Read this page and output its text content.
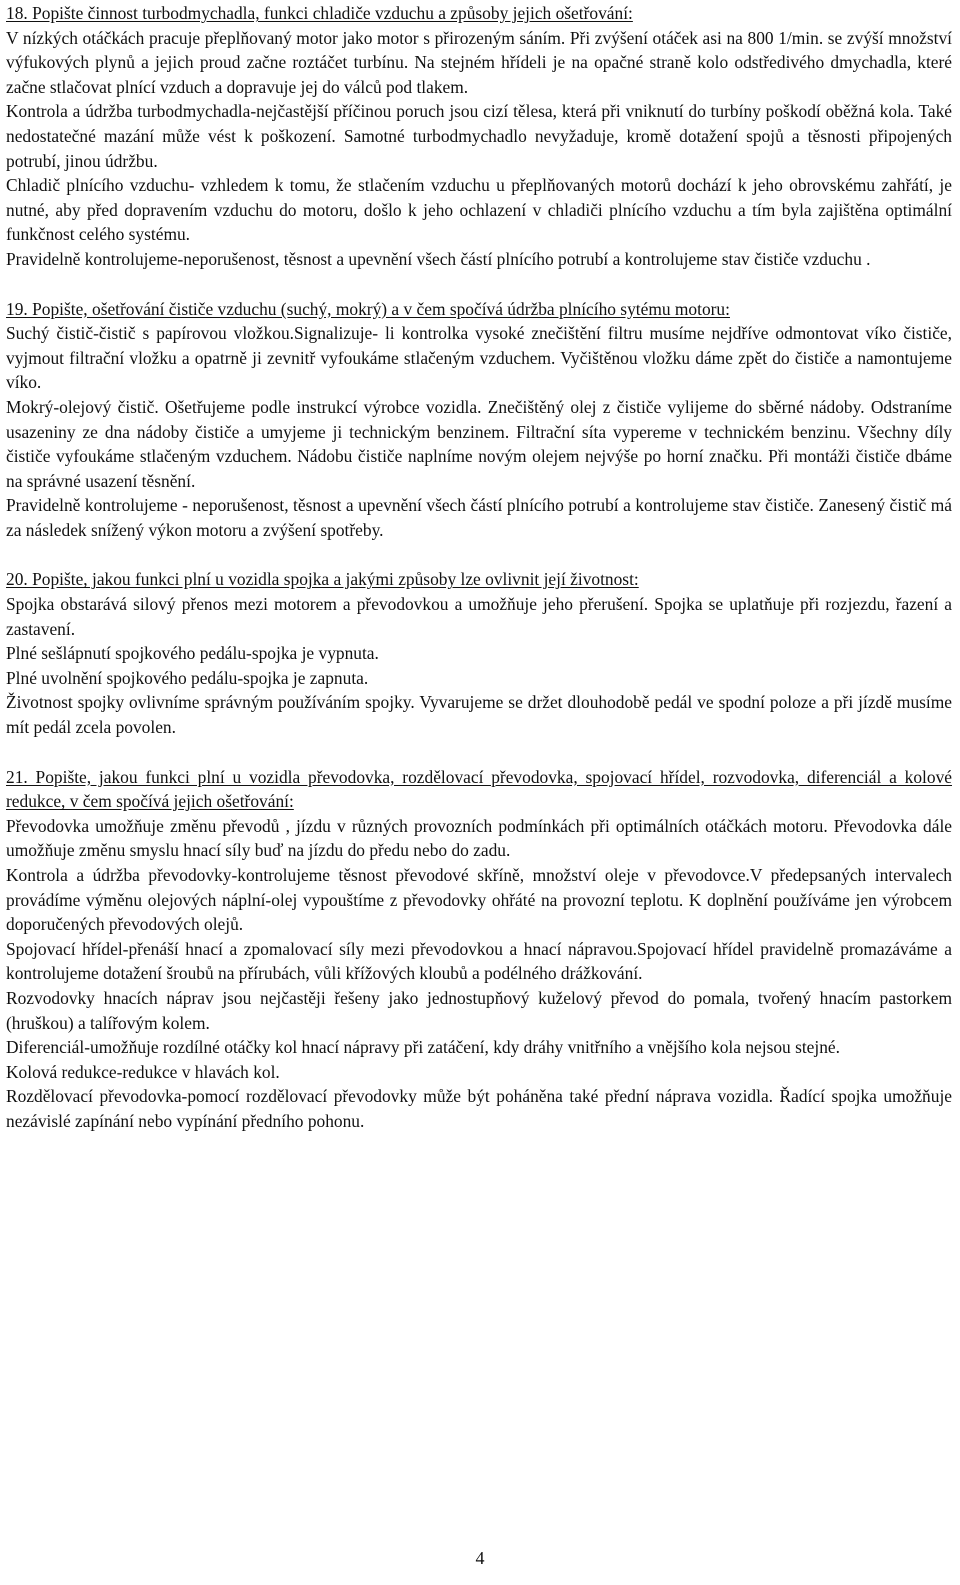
18. Popište činnost turbodmychadla, funkci chladiče vzduchu a způsoby jejich ošetřování:

V nízkých otáčkách pracuje přeplňovaný motor jako motor s přirozeným sáním. Při zvýšení otáček asi na 800 1/min. se zvýší množství výfukových plynů a jejich proud začne roztáčet turbínu. Na stejném hřídeli je na opačné straně kolo odstředivého dmychadla, které začne stlačovat plnící vzduch a dopravuje jej do válců pod tlakem.

Kontrola a údržba turbodmychadla-nejčastější příčinou poruch jsou cizí tělesa, která při vniknutí do turbíny poškodí oběžná kola. Také nedostatečné mazání může vést k poškození. Samotné turbodmychadlo nevyžaduje, kromě dotažení spojů a těsnosti připojených potrubí, jinou údržbu.

Chladič plnícího vzduchu- vzhledem k tomu, že stlačením vzduchu u přeplňovaných motorů dochází k jeho obrovskému zahřátí, je nutné, aby před dopravením vzduchu do motoru, došlo k jeho ochlazení v chladiči plnícího vzduchu a tím byla zajištěna optimální funkčnost celého systému.

Pravidelně kontrolujeme-neporušenost, těsnost a upevnění všech částí plnícího potrubí a kontrolujeme stav čističe vzduchu .

19. Popište, ošetřování čističe vzduchu (suchý, mokrý) a v čem spočívá údržba plnícího sytému motoru:

Suchý čistič-čistič s papírovou vložkou.Signalizuje- li kontrolka vysoké znečištění filtru musíme nejdříve odmontovat víko čističe, vyjmout filtrační vložku a opatrně ji zevnitř vyfoukáme stlačeným vzduchem. Vyčištěnou vložku dáme zpět do čističe a namontujeme víko.

Mokrý-olejový čistič. Ošetřujeme podle instrukcí výrobce vozidla. Znečištěný olej z čističe vylijeme do sběrné nádoby. Odstraníme usazeniny ze dna nádoby čističe a umyjeme ji technickým benzinem. Filtrační síta vypereme v technickém benzinu. Všechny díly čističe vyfoukáme stlačeným vzduchem. Nádobu čističe naplníme novým olejem nejvýše po horní značku. Při montáži čističe dbáme na správné usazení těsnění.

Pravidelně kontrolujeme - neporušenost, těsnost a upevnění všech částí plnícího potrubí a kontrolujeme stav čističe. Zanesený čistič má za následek snížený výkon motoru a zvýšení spotřeby.

20. Popište, jakou funkci plní u vozidla spojka a jakými způsoby lze ovlivnit její životnost:

Spojka obstarává silový přenos mezi motorem a převodovkou a umožňuje jeho přerušení. Spojka se uplatňuje při rozjezdu, řazení a zastavení.

Plné sešlápnutí spojkového pedálu-spojka je vypnuta.

Plné uvolnění spojkového pedálu-spojka je zapnuta.

Životnost spojky ovlivníme správným používáním spojky. Vyvarujeme se držet dlouhodobě pedál ve spodní poloze a při jízdě musíme mít pedál zcela povolen.

21. Popište, jakou funkci plní u vozidla převodovka, rozdělovací převodovka, spojovací hřídel, rozvodovka, diferenciál a kolové redukce, v čem spočívá jejich ošetřování:

Převodovka umožňuje změnu převodů , jízdu v různých provozních podmínkách při optimálních otáčkách motoru. Převodovka dále umožňuje změnu smyslu hnací síly buď na jízdu do předu nebo do zadu.

Kontrola a údržba převodovky-kontrolujeme těsnost převodové skříně, množství oleje v převodovce.V předepsaných intervalech provádíme výměnu olejových náplní-olej vypouštíme z převodovky ohřáté na provozní teplotu. K doplnění používáme jen výrobcem doporučených převodových olejů.

Spojovací hřídel-přenáší hnací a zpomalovací síly mezi převodovkou a hnací nápravou.Spojovací hřídel pravidelně promazáváme a kontrolujeme dotažení šroubů na přírubách, vůli křížových kloubů a podélného drážkování.

Rozvodovky hnacích náprav jsou nejčastěji řešeny jako jednostupňový kuželový převod do pomala, tvořený hnacím pastorkem (hruškou) a talířovým kolem.

Diferenciál-umožňuje rozdílné otáčky kol hnací nápravy při zatáčení, kdy dráhy vnitřního a vnějšího kola nejsou stejné.

Kolová redukce-redukce v hlavách kol.

Rozdělovací převodovka-pomocí rozdělovací převodovky může být poháněna také přední náprava vozidla. Řadící spojka umožňuje nezávislé zapínání nebo vypínání předního pohonu.

4
